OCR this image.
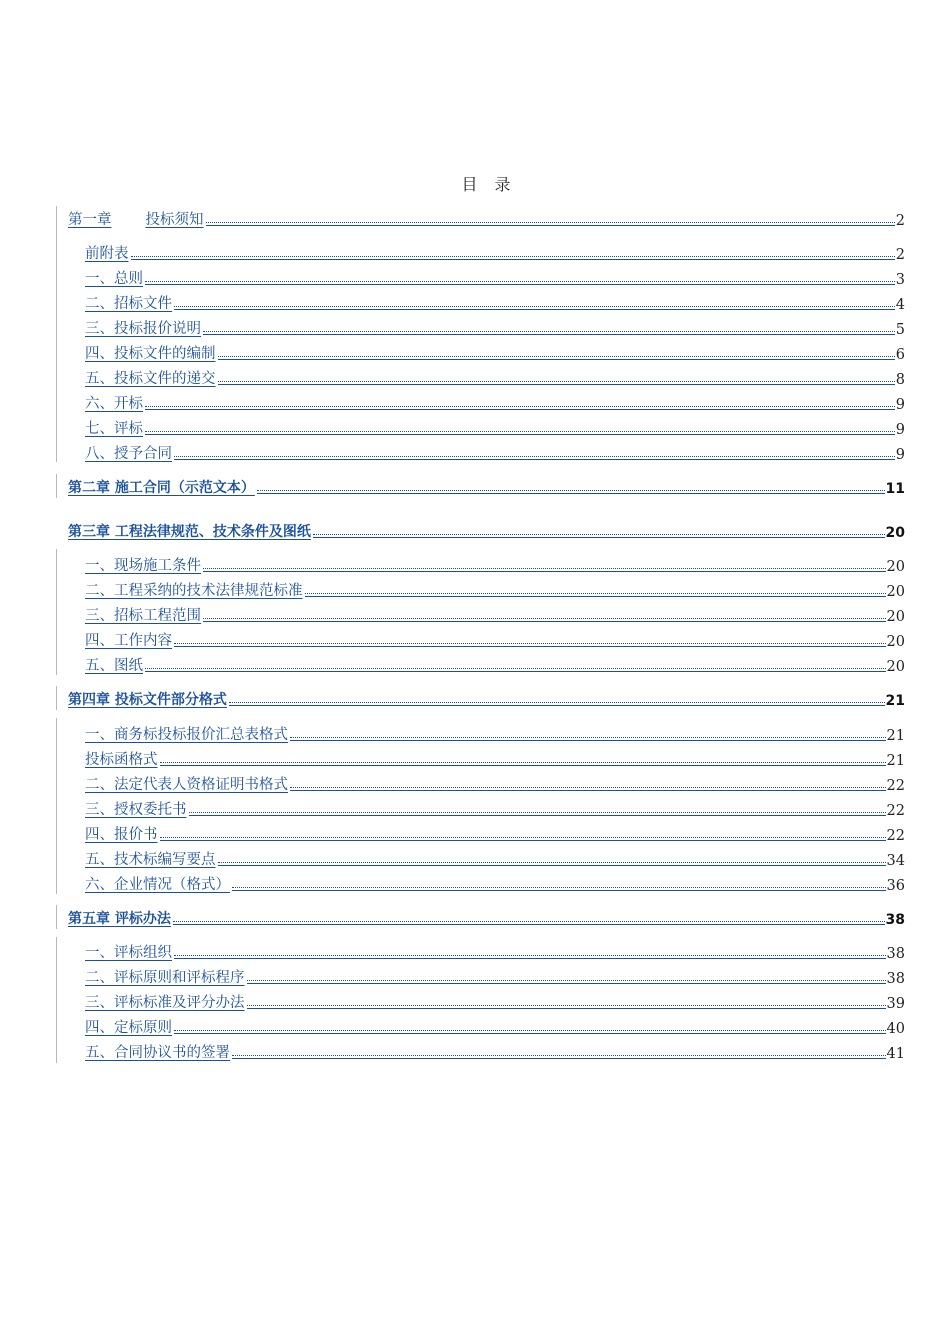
目 录
第一章 投标须知	2
前附表	2
一、总则	3
二、招标文件	4
三、投标报价说明	5
四、投标文件的编制	6
五、投标文件的递交	8
六、开标	9
七、评标	9
八、授予合同	9
第二章 施工合同（示范文本）	11
第三章 工程法律规范、技术条件及图纸	20
一、现场施工条件	20
二、工程采纳的技术法律规范标准	20
三、招标工程范围	20
四、工作内容	20
五、图纸	20
第四章 投标文件部分格式	21
一、商务标投标报价汇总表格式	21
投标函格式	21
二、法定代表人资格证明书格式	22
三、授权委托书	22
四、报价书	22
五、技术标编写要点	34
六、企业情况（格式）	36
第五章 评标办法	38
一、评标组织	38
二、评标原则和评标程序	38
三、评标标准及评分办法	39
四、定标原则	40
五、合同协议书的签署	41
